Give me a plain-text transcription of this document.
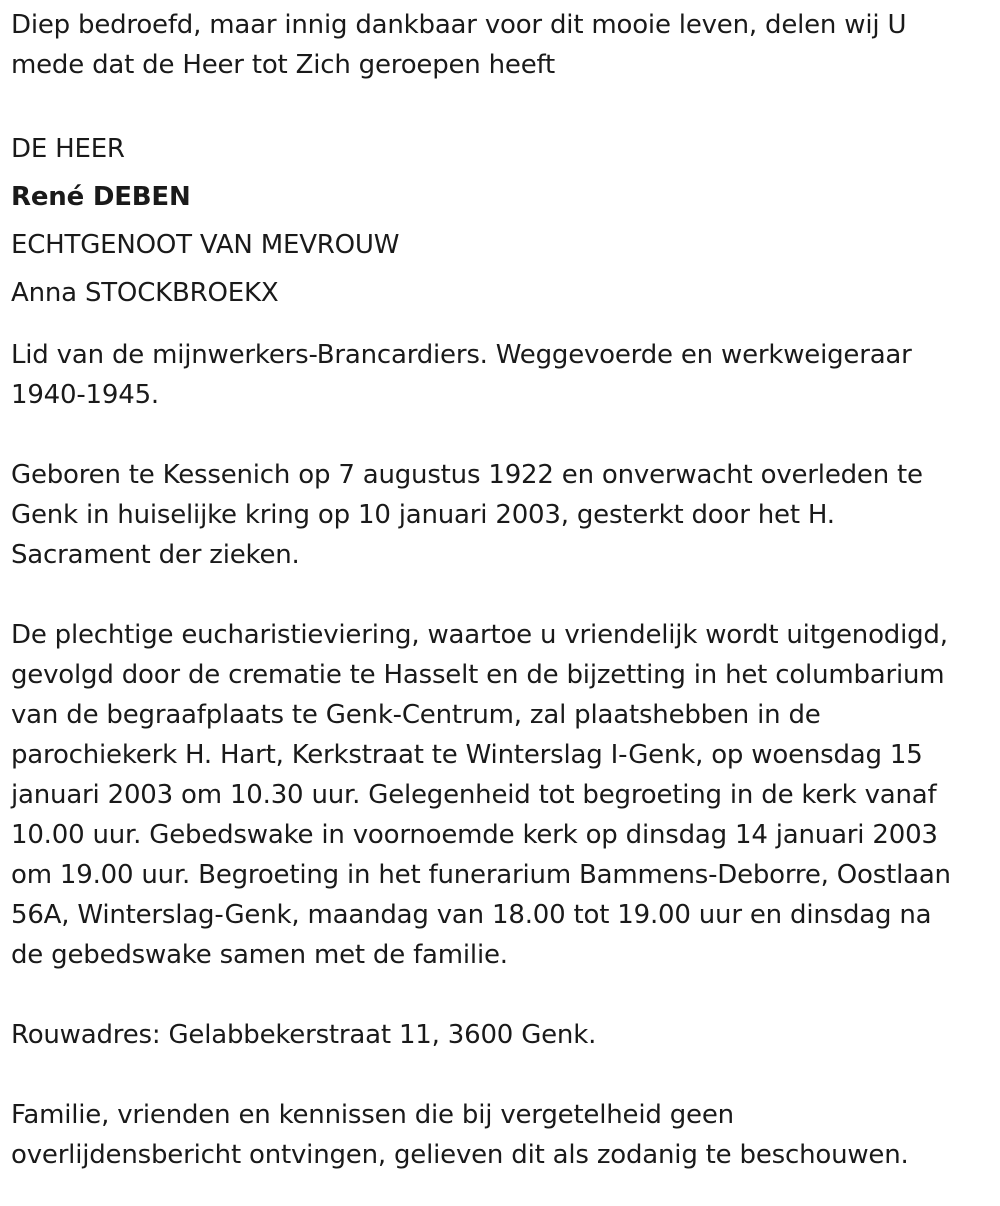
Diep bedroefd, maar innig dankbaar voor dit mooie leven, delen wij U mede dat de Heer tot Zich geroepen heeft

DE HEER

René DEBEN

ECHTGENOOT VAN MEVROUW

Anna STOCKBROEKX

Lid van de mijnwerkers-Brancardiers. Weggevoerde en werkweigeraar 1940-1945.

Geboren te Kessenich op 7 augustus 1922 en onverwacht overleden te Genk in huiselijke kring op 10 januari 2003, gesterkt door het H. Sacrament der zieken.

De plechtige eucharistieviering, waartoe u vriendelijk wordt uitgenodigd, gevolgd door de crematie te Hasselt en de bijzetting in het columbarium van de begraafplaats te Genk-Centrum, zal plaatshebben in de parochiekerk H. Hart, Kerkstraat te Winterslag I-Genk, op woensdag 15 januari 2003 om 10.30 uur. Gelegenheid tot begroeting in de kerk vanaf 10.00 uur. Gebedswake in voornoemde kerk op dinsdag 14 januari 2003 om 19.00 uur. Begroeting in het funerarium Bammens-Deborre, Oostlaan 56A, Winterslag-Genk, maandag van 18.00 tot 19.00 uur en dinsdag na de gebedswake samen met de familie.

Rouwadres: Gelabbekerstraat 11, 3600 Genk.

Familie, vrienden en kennissen die bij vergetelheid geen overlijdensbericht ontvingen, gelieven dit als zodanig te beschouwen.
